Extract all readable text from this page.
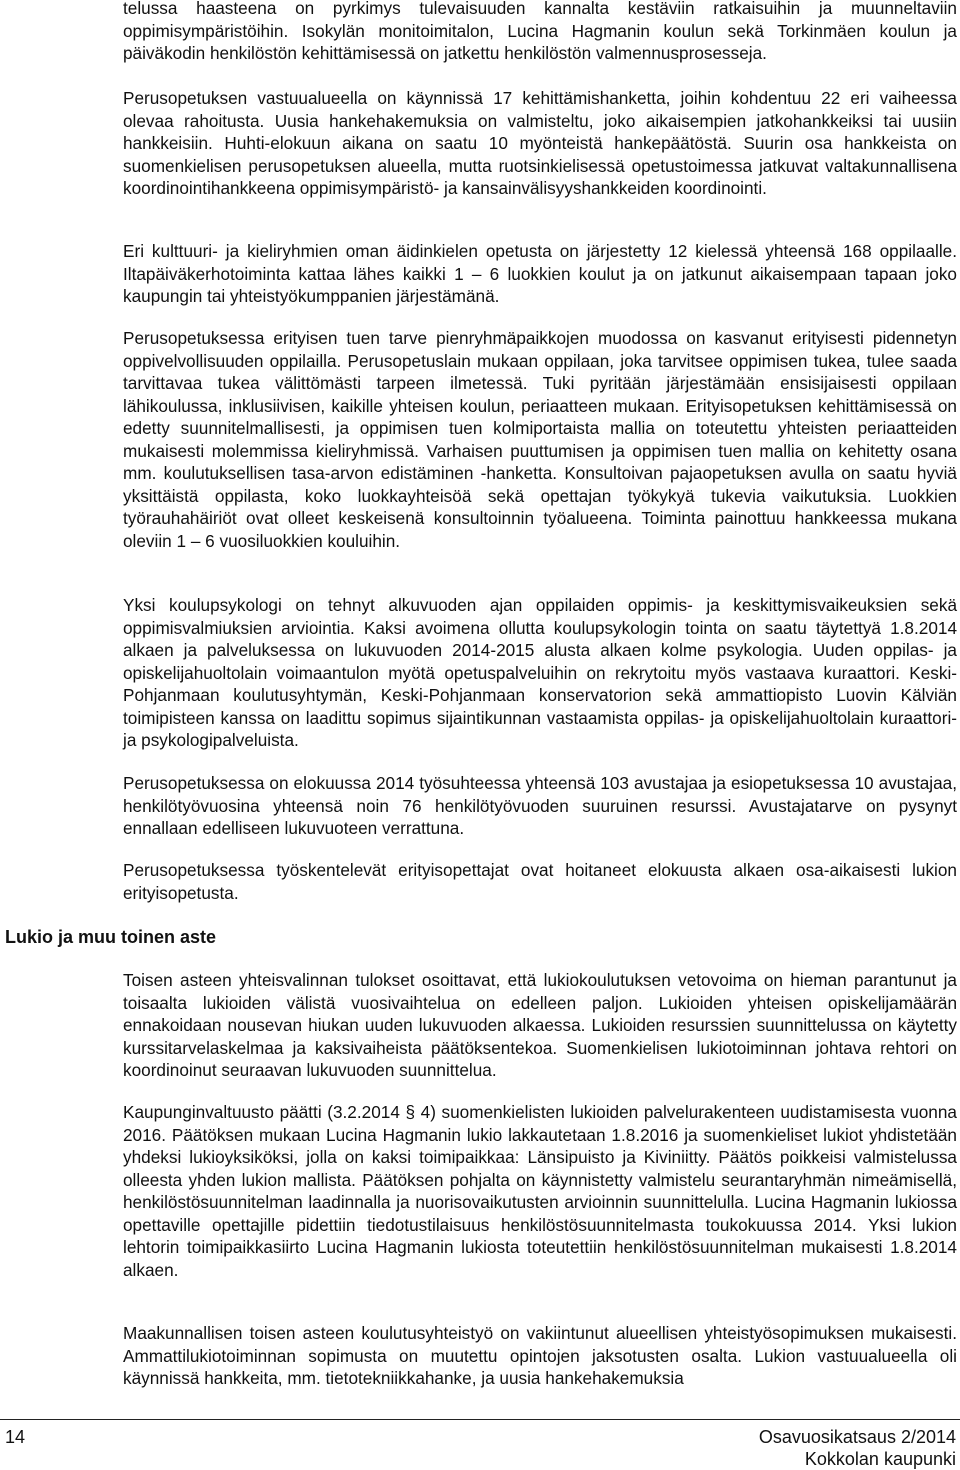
telussa haasteena on pyrkimys tulevaisuuden kannalta kestäviin ratkaisuihin ja muunneltaviin oppimisympäristöihin. Isokylän monitoimitalon, Lucina Hagmanin koulun sekä Torkinmäen koulun ja päiväkodin henkilöstön kehittämisessä on jatkettu henkilöstön valmennusprosesseja.

Perusopetuksen vastuualueella on käynnissä 17 kehittämishanketta, joihin kohdentuu 22 eri vaiheessa olevaa rahoitusta. Uusia hankehakemuksia on valmisteltu, joko aikaisempien jatkohankkeiksi tai uusiin hankkeisiin. Huhti-elokuun aikana on saatu 10 myönteistä hankepäätöstä. Suurin osa hankkeista on suomenkielisen perusopetuksen alueella, mutta ruotsinkielisessä opetustoimessa jatkuvat valtakunnallisena koordinointihankkeena oppimisympäristö- ja kansainvälisyyshankkeiden koordinointi.

Eri kulttuuri- ja kieliryhmien oman äidinkielen opetusta on järjestetty 12 kielessä yhteensä 168 oppilaalle. Iltapäiväkerhotoiminta kattaa lähes kaikki 1 – 6 luokkien koulut ja on jatkunut aikaisempaan tapaan joko kaupungin tai yhteistyökumppanien järjestämänä.

Perusopetuksessa erityisen tuen tarve pienryhmäpaikkojen muodossa on kasvanut erityisesti pidennetyn oppivelvollisuuden oppilailla. Perusopetuslain mukaan oppilaan, joka tarvitsee oppimisen tukea, tulee saada tarvittavaa tukea välittömästi tarpeen ilmetessä. Tuki pyritään järjestämään ensisijaisesti oppilaan lähikoulussa, inklusiivisen, kaikille yhteisen koulun, periaatteen mukaan. Erityisopetuksen kehittämisessä on edetty suunnitelmallisesti, ja oppimisen tuen kolmiportaista mallia on toteutettu yhteisten periaatteiden mukaisesti molemmissa kieliryhmissä. Varhaisen puuttumisen ja oppimisen tuen mallia on kehitetty osana mm. koulutuksellisen tasa-arvon edistäminen -hanketta. Konsultoivan pajaopetuksen avulla on saatu hyviä yksittäistä oppilasta, koko luokkayhteisöä sekä opettajan työkykyä tukevia vaikutuksia. Luokkien työrauhahäiriöt ovat olleet keskeisenä konsultoinnin työalueena. Toiminta painottuu hankkeessa mukana oleviin 1 – 6 vuosiluokkien kouluihin.

Yksi koulupsykologi on tehnyt alkuvuoden ajan oppilaiden oppimis- ja keskittymisvaikeuksien sekä oppimisvalmiuksien arviointia. Kaksi avoimena ollutta koulupsykologin tointa on saatu täytettyä 1.8.2014 alkaen ja palveluksessa on lukuvuoden 2014-2015 alusta alkaen kolme psykologia. Uuden oppilas- ja opiskelijahuoltolain voimaantulon myötä opetuspalveluihin on rekrytoitu myös vastaava kuraattori. Keski-Pohjanmaan koulutusyhtymän, Keski-Pohjanmaan konservatorion sekä ammattiopisto Luovin Kälviän toimipisteen kanssa on laadittu sopimus sijaintikunnan vastaamista oppilas- ja opiskelijahuoltolain kuraattori- ja psykologipalveluista.

Perusopetuksessa on elokuussa 2014 työsuhteessa yhteensä 103 avustajaa ja esiopetuksessa 10 avustajaa, henkilötyövuosina yhteensä noin 76 henkilötyövuoden suuruinen resurssi. Avustajatarve on pysynyt ennallaan edelliseen lukuvuoteen verrattuna.

Perusopetuksessa työskentelevät erityisopettajat ovat hoitaneet elokuusta alkaen osa-aikaisesti lukion erityisopetusta.

Toisen asteen yhteisvalinnan tulokset osoittavat, että lukiokoulutuksen vetovoima on hieman parantunut ja toisaalta lukioiden välistä vuosivaihtelua on edelleen paljon. Lukioiden yhteisen opiskelijamäärän ennakoidaan nousevan hiukan uuden lukuvuoden alkaessa. Lukioiden resurssien suunnittelussa on käytetty kurssitarvelaskelmaa ja kaksivaiheista päätöksentekoa. Suomenkielisen lukiotoiminnan johtava rehtori on koordinoinut seuraavan lukuvuoden suunnittelua.

Kaupunginvaltuusto päätti (3.2.2014 § 4) suomenkielisten lukioiden palvelurakenteen uudistamisesta vuonna 2016. Päätöksen mukaan Lucina Hagmanin lukio lakkautetaan 1.8.2016 ja suomenkieliset lukiot yhdistetään yhdeksi lukioyksiköksi, jolla on kaksi toimipaikkaa: Länsipuisto ja Kiviniitty. Päätös poikkeisi valmistelussa olleesta yhden lukion mallista. Päätöksen pohjalta on käynnistetty valmistelu seurantaryhmän nimeämisellä, henkilöstösuunnitelman laadinnalla ja nuorisovaikutusten arvioinnin suunnittelulla. Lucina Hagmanin lukiossa opettaville opettajille pidettiin tiedotustilaisuus henkilöstösuunnitelmasta toukokuussa 2014. Yksi lukion lehtorin toimipaikkasiirto Lucina Hagmanin lukiosta toteutettiin henkilöstösuunnitelman mukaisesti 1.8.2014 alkaen.

Maakunnallisen toisen asteen koulutusyhteistyö on vakiintunut alueellisen yhteistyösopimuksen mukaisesti. Ammattilukiotoiminnan sopimusta on muutettu opintojen jaksotusten osalta. Lukion vastuualueella oli käynnissä hankkeita, mm. tietotekniikkahanke, ja uusia hankehakemuksia

Lukio ja muu toinen aste
14	Osavuosikatsaus 2/2014
Kokkolan kaupunki
